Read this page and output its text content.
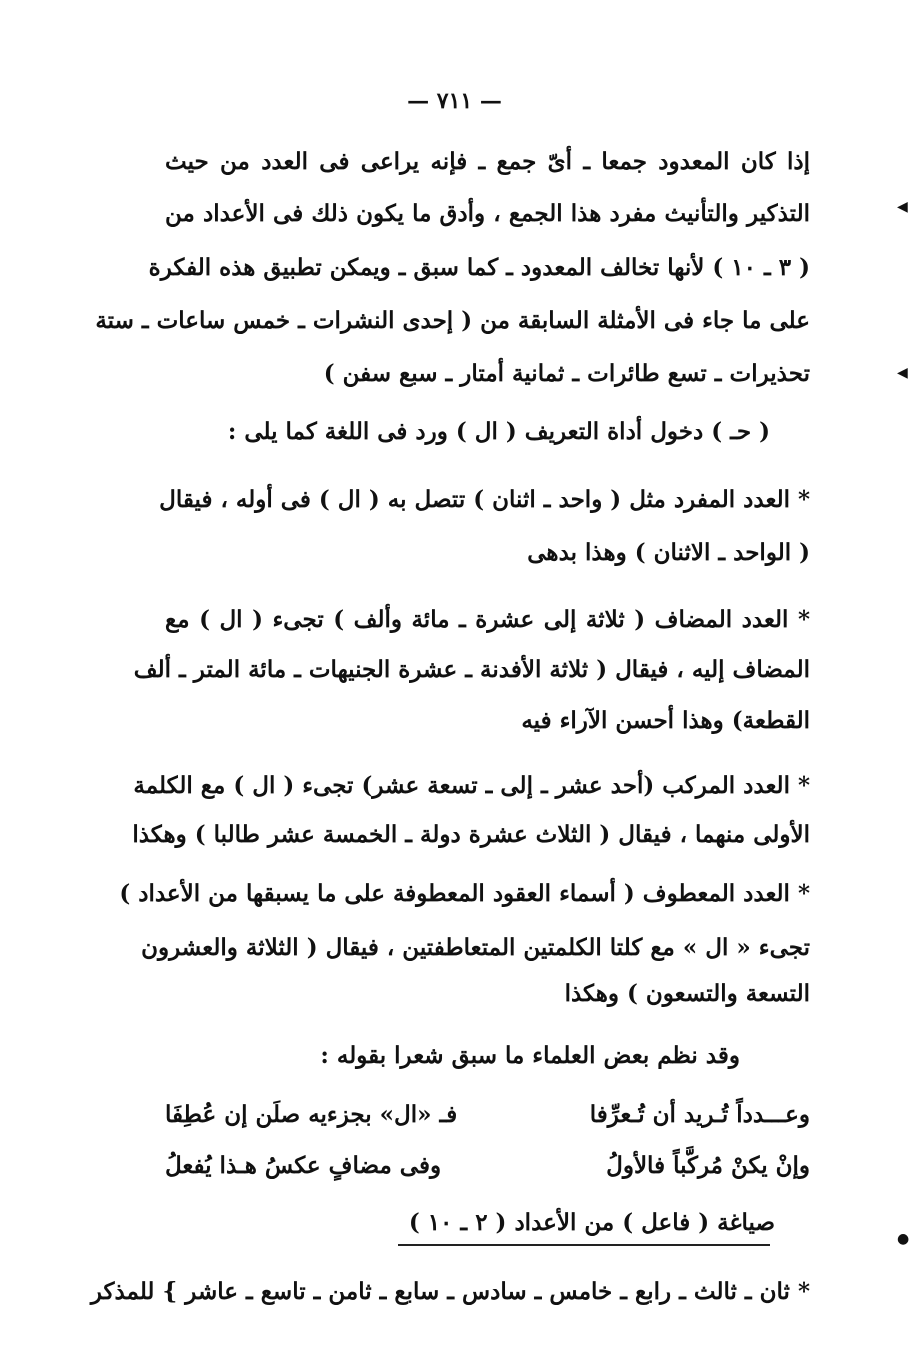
— ٧١١ —
إذا كان المعدود جمعا ـ أىّ جمع ـ فإنه يراعى فى العدد من حيث
التذكير والتأنيث مفرد هذا الجمع ، وأدق ما يكون ذلك فى الأعداد من
( ٣ ـ ١٠ ) لأنها تخالف المعدود ـ كما سبق ـ ويمكن تطبيق هذه الفكرة
على ما جاء فى الأمثلة السابقة من ( إحدى النشرات ـ خمس ساعات ـ ستة
تحذيرات ـ تسع طائرات ـ ثمانية أمتار ـ سبع سفن )
( حـ ) دخول أداة التعريف ( ال ) ورد فى اللغة كما يلى :
* العدد المفرد مثل ( واحد ـ اثنان ) تتصل به ( ال ) فى أوله ، فيقال
( الواحد ـ الاثنان ) وهذا بدهى
* العدد المضاف ( ثلاثة إلى عشرة ـ مائة وألف ) تجىء ( ال ) مع
المضاف إليه ، فيقال ( ثلاثة الأفدنة ـ عشرة الجنيهات ـ مائة المتر ـ ألف
القطعة) وهذا أحسن الآراء فيه
* العدد المركب (أحد عشر ـ إلى ـ تسعة عشر) تجىء ( ال ) مع الكلمة
الأولى منهما ، فيقال ( الثلاث عشرة دولة ـ الخمسة عشر طالبا ) وهكذا
* العدد المعطوف ( أسماء العقود المعطوفة على ما يسبقها من الأعداد )
تجىء « ال » مع كلتا الكلمتين المتعاطفتين ، فيقال ( الثلاثة والعشرون
التسعة والتسعون ) وهكذا
وقد نظم بعض العلماء ما سبق شعرا بقوله :
وعـــدداً تُـريد أن تُـعرِّفا
فـ «ال» بجزءيه صلَن إن عُطِفَا
وإنْ يكنْ مُركَّباً فالأولُ
وفى مضافٍ عكسُ هـذا يُفعلُ
صياغة ( فاعل ) من الأعداد ( ٢ ـ ١٠ )
* ثان ـ ثالث ـ رابع ـ خامس ـ سادس ـ سابع ـ ثامن ـ تاسع ـ عاشر } للمذكر
◀
◀
●
